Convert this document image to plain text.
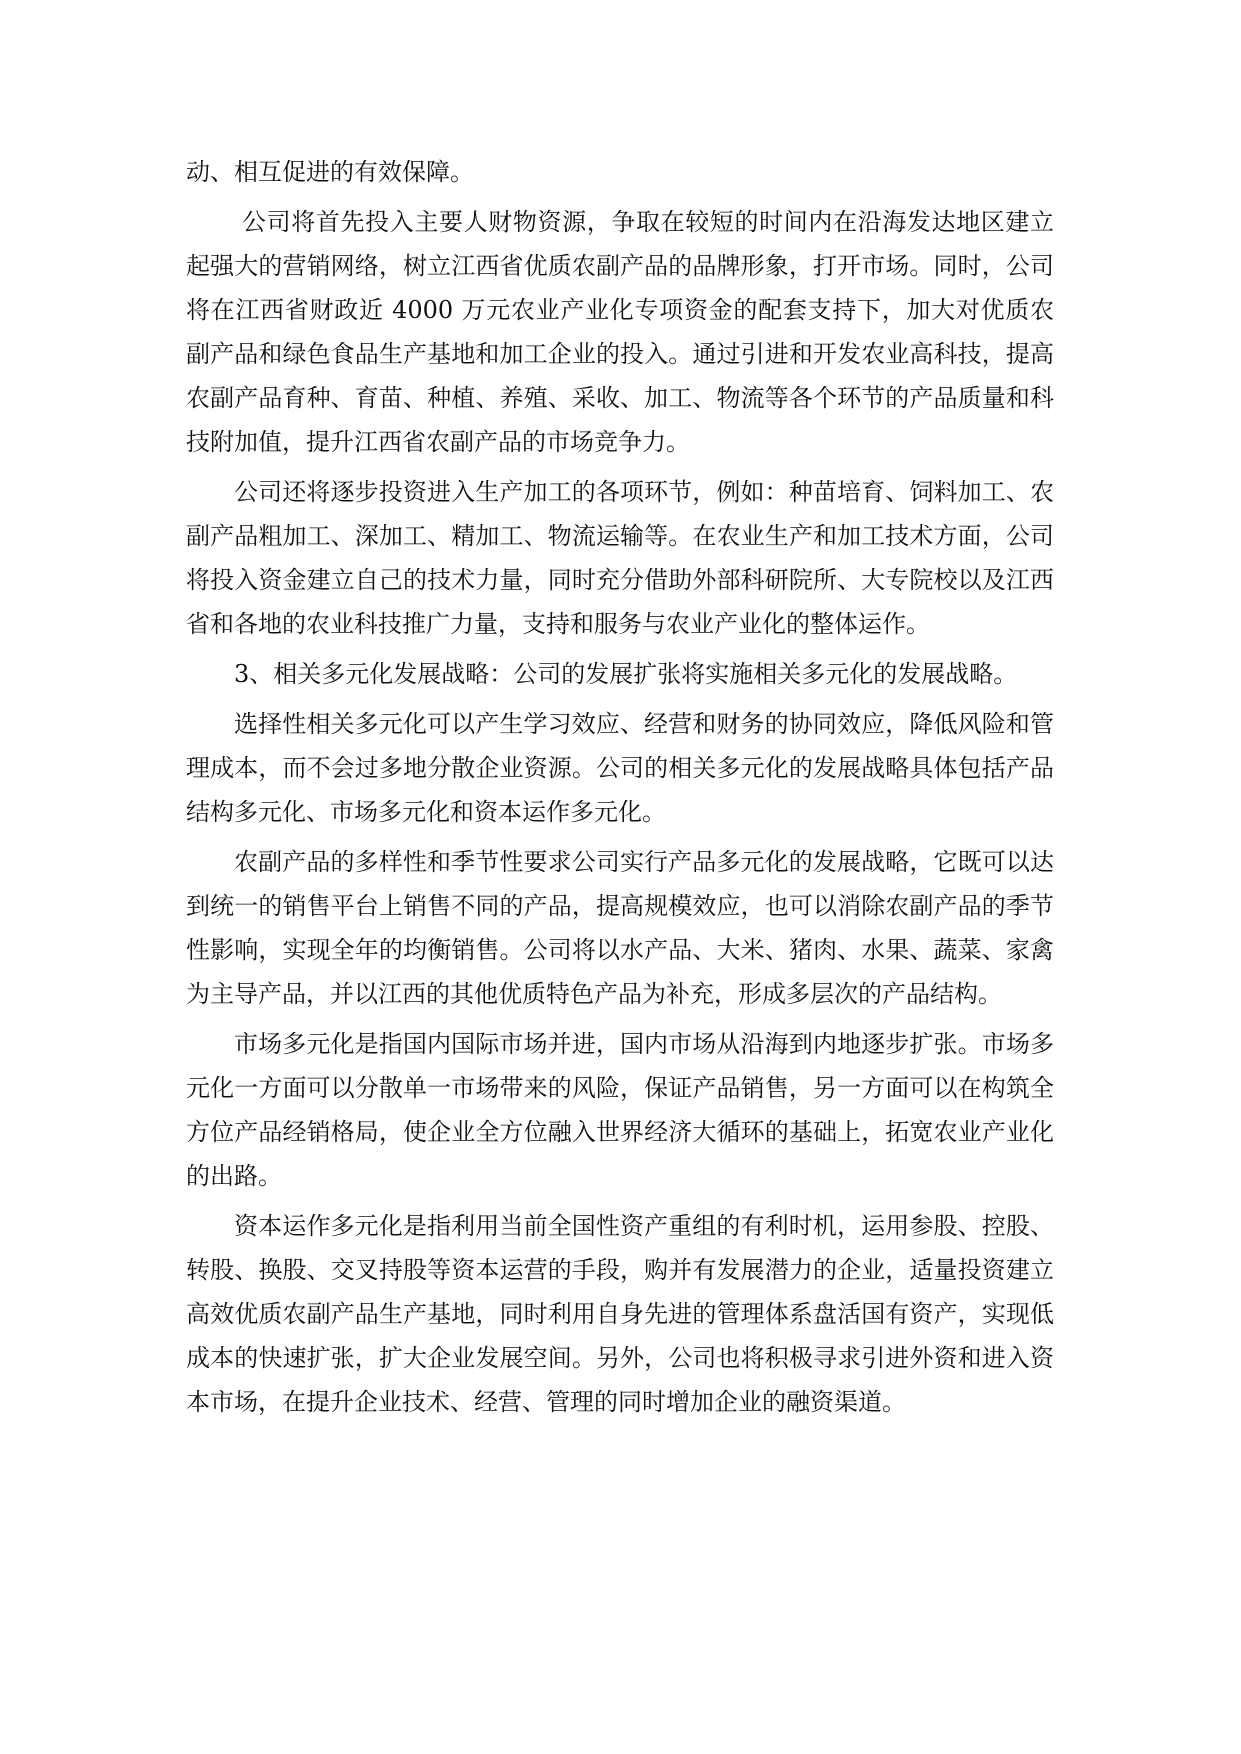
动、相互促进的有效保障。

公司将首先投入主要人财物资源，争取在较短的时间内在沿海发达地区建立起强大的营销网络，树立江西省优质农副产品的品牌形象，打开市场。同时，公司将在江西省财政近 4000 万元农业产业化专项资金的配套支持下，加大对优质农副产品和绿色食品生产基地和加工企业的投入。通过引进和开发农业高科技，提高农副产品育种、育苗、种植、养殖、采收、加工、物流等各个环节的产品质量和科技附加值，提升江西省农副产品的市场竞争力。

公司还将逐步投资进入生产加工的各项环节，例如：种苗培育、饲料加工、农副产品粗加工、深加工、精加工、物流运输等。在农业生产和加工技术方面，公司将投入资金建立自己的技术力量，同时充分借助外部科研院所、大专院校以及江西省和各地的农业科技推广力量，支持和服务与农业产业化的整体运作。

3、相关多元化发展战略：公司的发展扩张将实施相关多元化的发展战略。

选择性相关多元化可以产生学习效应、经营和财务的协同效应，降低风险和管理成本，而不会过多地分散企业资源。公司的相关多元化的发展战略具体包括产品结构多元化、市场多元化和资本运作多元化。

农副产品的多样性和季节性要求公司实行产品多元化的发展战略，它既可以达到统一的销售平台上销售不同的产品，提高规模效应，也可以消除农副产品的季节性影响，实现全年的均衡销售。公司将以水产品、大米、猪肉、水果、蔬菜、家禽为主导产品，并以江西的其他优质特色产品为补充，形成多层次的产品结构。

市场多元化是指国内国际市场并进，国内市场从沿海到内地逐步扩张。市场多元化一方面可以分散单一市场带来的风险，保证产品销售，另一方面可以在构筑全方位产品经销格局，使企业全方位融入世界经济大循环的基础上，拓宽农业产业化的出路。

资本运作多元化是指利用当前全国性资产重组的有利时机，运用参股、控股、转股、换股、交叉持股等资本运营的手段，购并有发展潜力的企业，适量投资建立高效优质农副产品生产基地，同时利用自身先进的管理体系盘活国有资产，实现低成本的快速扩张，扩大企业发展空间。另外，公司也将积极寻求引进外资和进入资本市场，在提升企业技术、经营、管理的同时增加企业的融资渠道。
